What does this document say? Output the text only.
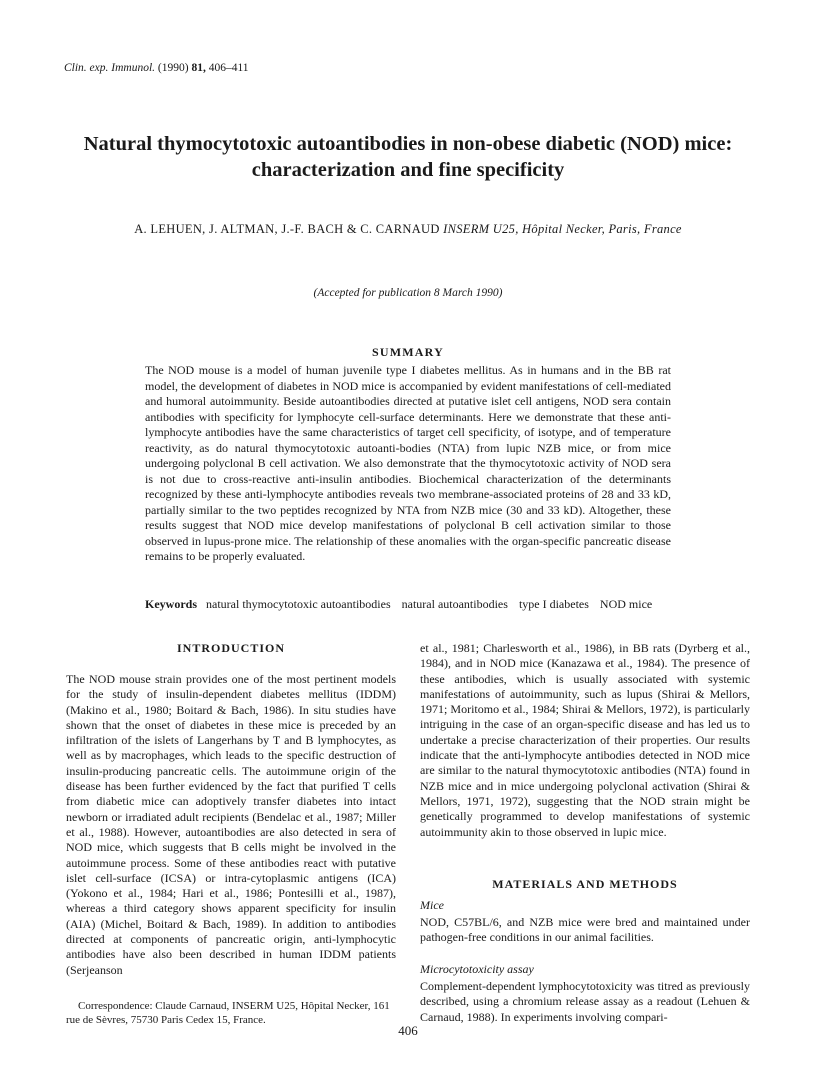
Clin. exp. Immunol. (1990) 81, 406–411
Natural thymocytotoxic autoantibodies in non-obese diabetic (NOD) mice:
characterization and fine specificity
A. LEHUEN, J. ALTMAN, J.-F. BACH & C. CARNAUD INSERM U25, Hôpital Necker, Paris, France
(Accepted for publication 8 March 1990)
SUMMARY
The NOD mouse is a model of human juvenile type I diabetes mellitus. As in humans and in the BB rat model, the development of diabetes in NOD mice is accompanied by evident manifestations of cell-mediated and humoral autoimmunity. Beside autoantibodies directed at putative islet cell antigens, NOD sera contain antibodies with specificity for lymphocyte cell-surface determinants. Here we demonstrate that these anti-lymphocyte antibodies have the same characteristics of target cell specificity, of isotype, and of temperature reactivity, as do natural thymocytotoxic autoanti-bodies (NTA) from lupic NZB mice, or from mice undergoing polyclonal B cell activation. We also demonstrate that the thymocytotoxic activity of NOD sera is not due to cross-reactive anti-insulin antibodies. Biochemical characterization of the determinants recognized by these anti-lymphocyte antibodies reveals two membrane-associated proteins of 28 and 33 kD, partially similar to the two peptides recognized by NTA from NZB mice (30 and 33 kD). Altogether, these results suggest that NOD mice develop manifestations of polyclonal B cell activation similar to those observed in lupus-prone mice. The relationship of these anomalies with the organ-specific pancreatic disease remains to be properly evaluated.
Keywords natural thymocytotoxic autoantibodies natural autoantibodies type I diabetes NOD mice
INTRODUCTION
The NOD mouse strain provides one of the most pertinent models for the study of insulin-dependent diabetes mellitus (IDDM) (Makino et al., 1980; Boitard & Bach, 1986). In situ studies have shown that the onset of diabetes in these mice is preceded by an infiltration of the islets of Langerhans by T and B lymphocytes, as well as by macrophages, which leads to the specific destruction of insulin-producing pancreatic cells. The autoimmune origin of the disease has been further evidenced by the fact that purified T cells from diabetic mice can adoptively transfer diabetes into intact newborn or irradiated adult recipients (Bendelac et al., 1987; Miller et al., 1988). However, autoantibodies are also detected in sera of NOD mice, which suggests that B cells might be involved in the autoimmune process. Some of these antibodies react with putative islet cell-surface (ICSA) or intra-cytoplasmic antigens (ICA) (Yokono et al., 1984; Hari et al., 1986; Pontesilli et al., 1987), whereas a third category shows apparent specificity for insulin (AIA) (Michel, Boitard & Bach, 1989). In addition to antibodies directed at components of pancreatic origin, anti-lymphocytic antibodies have also been described in human IDDM patients (Serjeanson
et al., 1981; Charlesworth et al., 1986), in BB rats (Dyrberg et al., 1984), and in NOD mice (Kanazawa et al., 1984). The presence of these antibodies, which is usually associated with systemic manifestations of autoimmunity, such as lupus (Shirai & Mellors, 1971; Moritomo et al., 1984; Shirai & Mellors, 1972), is particularly intriguing in the case of an organ-specific disease and has led us to undertake a precise characterization of their properties. Our results indicate that the anti-lymphocyte antibodies detected in NOD mice are similar to the natural thymocytotoxic antibodies (NTA) found in NZB mice and in mice undergoing polyclonal activation (Shirai & Mellors, 1971, 1972), suggesting that the NOD strain might be genetically programmed to develop manifestations of systemic autoimmunity akin to those observed in lupic mice.
MATERIALS AND METHODS
Mice
NOD, C57BL/6, and NZB mice were bred and maintained under pathogen-free conditions in our animal facilities.
Microcytotoxicity assay
Complement-dependent lymphocytotoxicity was titred as previously described, using a chromium release assay as a readout (Lehuen & Carnaud, 1988). In experiments involving compari-
Correspondence: Claude Carnaud, INSERM U25, Hôpital Necker, 161 rue de Sèvres, 75730 Paris Cedex 15, France.
406
